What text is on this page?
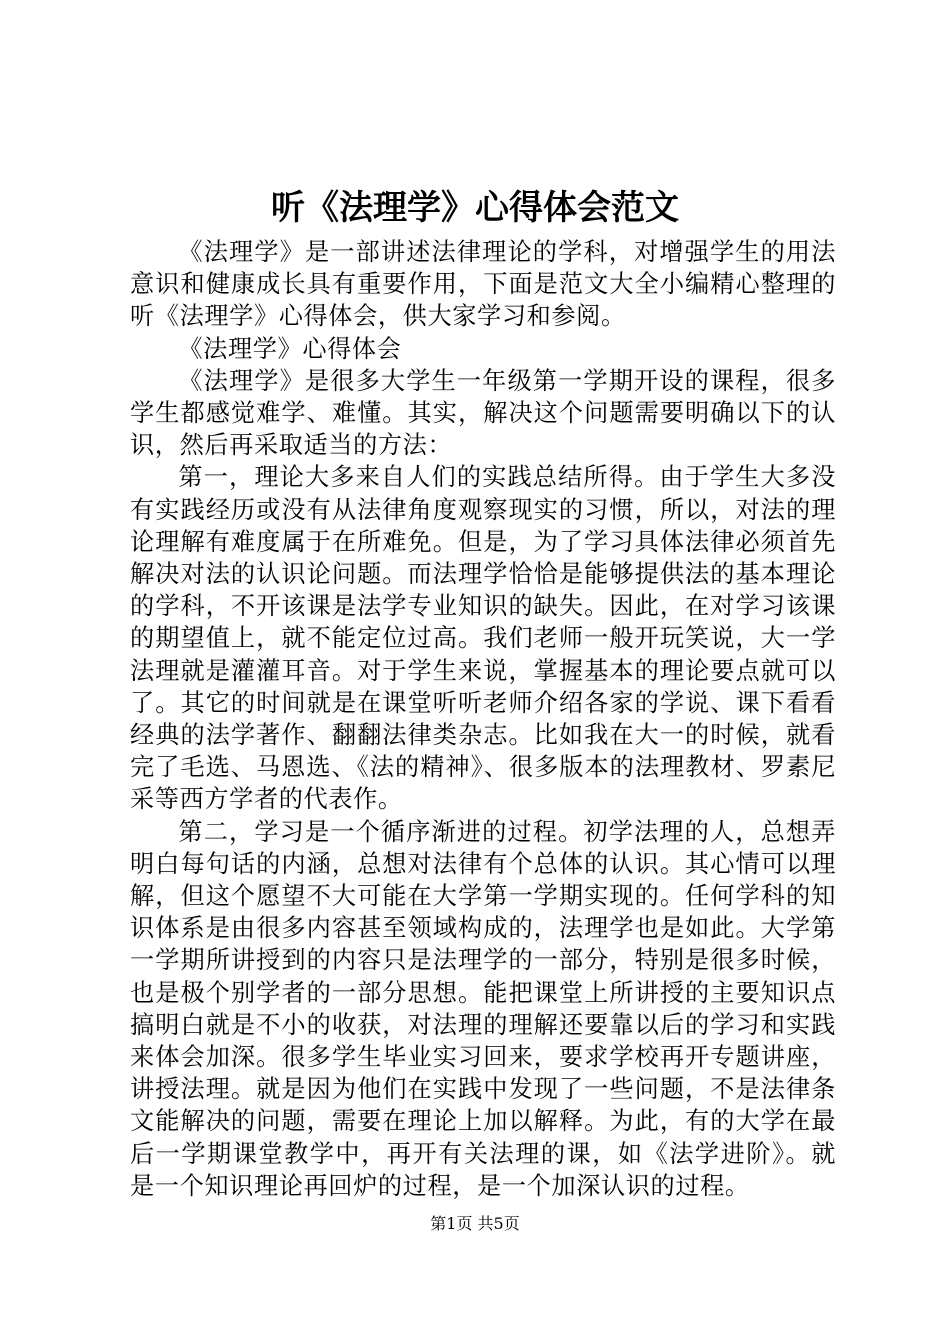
听《法理学》心得体会范文

《法理学》是一部讲述法律理论的学科，对增强学生的用法意识和健康成长具有重要作用，下面是范文大全小编精心整理的听《法理学》心得体会，供大家学习和参阅。

《法理学》心得体会

《法理学》是很多大学生一年级第一学期开设的课程，很多学生都感觉难学、难懂。其实，解决这个问题需要明确以下的认识，然后再采取适当的方法：

第一，理论大多来自人们的实践总结所得。由于学生大多没有实践经历或没有从法律角度观察现实的习惯，所以，对法的理论理解有难度属于在所难免。但是，为了学习具体法律必须首先解决对法的认识论问题。而法理学恰恰是能够提供法的基本理论的学科，不开该课是法学专业知识的缺失。因此，在对学习该课的期望值上，就不能定位过高。我们老师一般开玩笑说，大一学法理就是灌灌耳音。对于学生来说，掌握基本的理论要点就可以了。其它的时间就是在课堂听听老师介绍各家的学说、课下看看经典的法学著作、翻翻法律类杂志。比如我在大一的时候，就看完了毛选、马恩选、《法的精神》、很多版本的法理教材、罗素尼采等西方学者的代表作。

第二，学习是一个循序渐进的过程。初学法理的人，总想弄明白每句话的内涵，总想对法律有个总体的认识。其心情可以理解，但这个愿望不大可能在大学第一学期实现的。任何学科的知识体系是由很多内容甚至领域构成的，法理学也是如此。大学第一学期所讲授到的内容只是法理学的一部分，特别是很多时候，也是极个别学者的一部分思想。能把课堂上所讲授的主要知识点搞明白就是不小的收获，对法理的理解还要靠以后的学习和实践来体会加深。很多学生毕业实习回来，要求学校再开专题讲座，讲授法理。就是因为他们在实践中发现了一些问题，不是法律条文能解决的问题，需要在理论上加以解释。为此，有的大学在最后一学期课堂教学中，再开有关法理的课，如《法学进阶》。就是一个知识理论再回炉的过程，是一个加深认识的过程。

第1页 共5页
